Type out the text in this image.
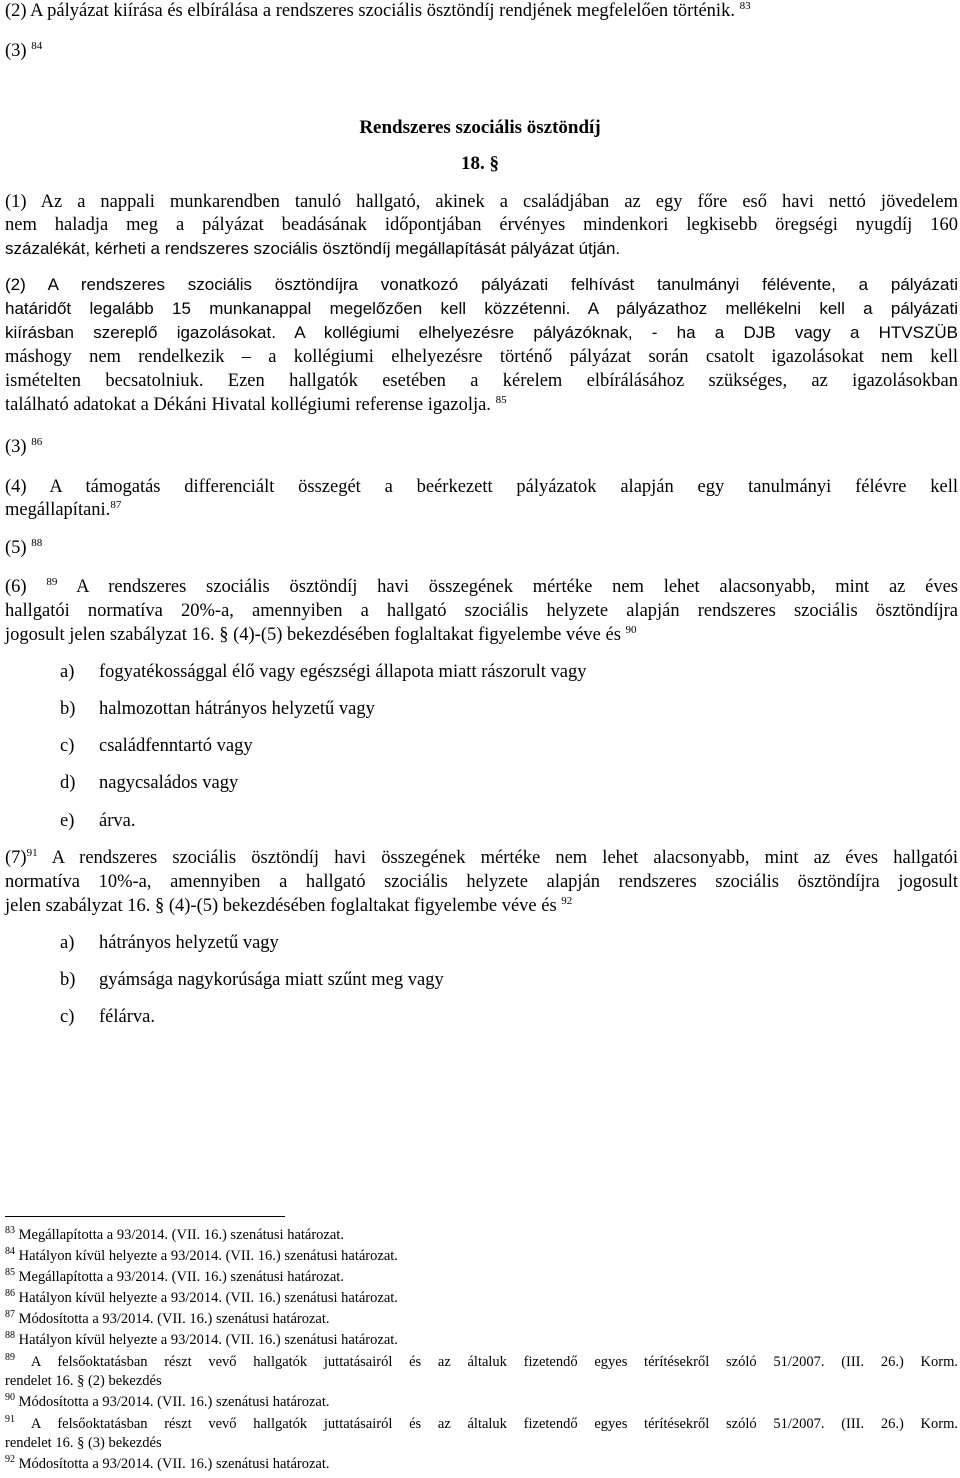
(2) A pályázat kiírása és elbírálása a rendszeres szociális ösztöndíj rendjének megfelelően történik. $^{83}$
(3) $^{84}$
Rendszeres szociális ösztöndíj
18. §
(1) Az a nappali munkarendben tanuló hallgató, akinek a családjában az egy főre eső havi nettó jövedelem
nem haladja meg a pályázat beadásának időpontjában érvényes mindenkori legkisebb öregségi nyugdíj 160
százalékát, kérheti a rendszeres szociális ösztöndíj megállapítását pályázat útján.
(2) A rendszeres szociális ösztöndíjra vonatkozó pályázati felhívást tanulmányi félévente, a pályázati
határidőt legalább 15 munkanappal megelőzően kell közzétenni. A pályázathoz mellékelni kell a pályázati
kiírásban szereplő igazolásokat. A kollégiumi elhelyezésre pályázóknak, - ha a DJB vagy a HTVSZÜB
máshogy nem rendelkezik – a kollégiumi elhelyezésre történő pályázat során csatolt igazolásokat nem kell
ismételten becsatolniuk. Ezen hallgatók esetében a kérelem elbírálásához szükséges, az igazolásokban
található adatokat a Dékáni Hivatal kollégiumi referense igazolja. $^{85}$
(3) $^{86}$
(4) A támogatás differenciált összegét a beérkezett pályázatok alapján egy tanulmányi félévre kell
megállapítani.$^{87}$
(5) $^{88}$
(6) $^{89}$ A rendszeres szociális ösztöndíj havi összegének mértéke nem lehet alacsonyabb, mint az éves
hallgatói normatíva 20%-a, amennyiben a hallgató szociális helyzete alapján rendszeres szociális ösztöndíjra
jogosult jelen szabályzat 16. § (4)-(5) bekezdésében foglaltakat figyelembe véve és $^{90}$
a) fogyatékossággal élő vagy egészségi állapota miatt rászorult vagy
b) halmozottan hátrányos helyzetű vagy
c) családfenntartó vagy
d) nagycsaládos vagy
e) árva.
$(7)^{91}$ A rendszeres szociális ösztöndíj havi összegének mértéke nem lehet alacsonyabb, mint az éves hallgatói
normatíva 10%-a, amennyiben a hallgató szociális helyzete alapján rendszeres szociális ösztöndíjra jogosult
jelen szabályzat 16. § (4)-(5) bekezdésében foglaltakat figyelembe véve és $^{92}$
a) hátrányos helyzetű vagy
b) gyámsága nagykorúsága miatt szűnt meg vagy
c) félárva.
$^{83}$ Megállapította a 93/2014. (VII. 16.) szenátusi határozat.
$^{84}$ Hatályon kívül helyezte a 93/2014. (VII. 16.) szenátusi határozat.
$^{85}$ Megállapította a 93/2014. (VII. 16.) szenátusi határozat.
$^{86}$ Hatályon kívül helyezte a 93/2014. (VII. 16.) szenátusi határozat.
$^{87}$ Módosította a 93/2014. (VII. 16.) szenátusi határozat.
$^{88}$ Hatályon kívül helyezte a 93/2014. (VII. 16.) szenátusi határozat.
$^{89}$ A felsőoktatásban részt vevő hallgatók juttatásairól és az általuk fizetendő egyes térítésekről szóló 51/2007. (III. 26.) Korm.
rendelet 16. § (2) bekezdés
$^{90}$ Módosította a 93/2014. (VII. 16.) szenátusi határozat.
$^{91}$ A felsőoktatásban részt vevő hallgatók juttatásairól és az általuk fizetendő egyes térítésekről szóló 51/2007. (III. 26.) Korm.
rendelet 16. § (3) bekezdés
$^{92}$ Módosította a 93/2014. (VII. 16.) szenátusi határozat.
